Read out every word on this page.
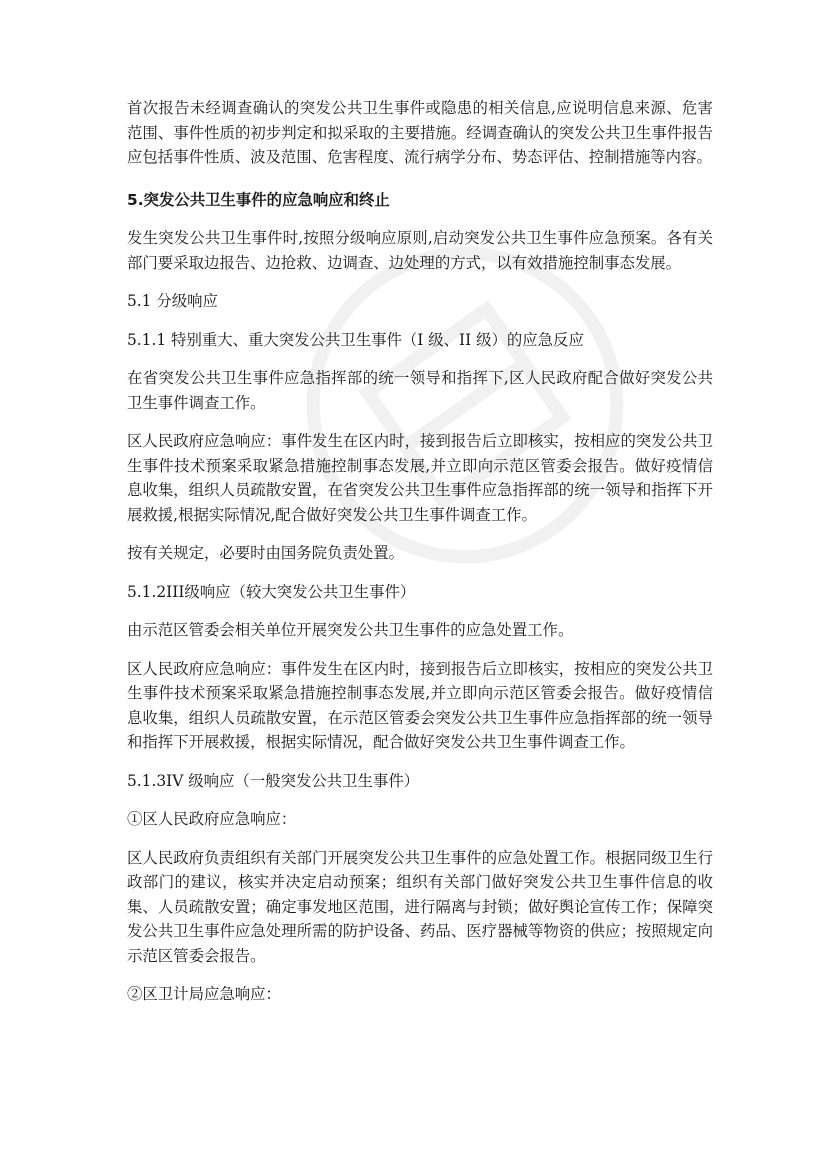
首次报告未经调查确认的突发公共卫生事件或隐患的相关信息,应说明信息来源、危害范围、事件性质的初步判定和拟采取的主要措施。经调查确认的突发公共卫生事件报告应包括事件性质、波及范围、危害程度、流行病学分布、势态评估、控制措施等内容。

5.突发公共卫生事件的应急响应和终止

发生突发公共卫生事件时,按照分级响应原则,启动突发公共卫生事件应急预案。各有关部门要采取边报告、边抢救、边调查、边处理的方式，以有效措施控制事态发展。

5.1 分级响应

5.1.1 特别重大、重大突发公共卫生事件（I 级、II 级）的应急反应

在省突发公共卫生事件应急指挥部的统一领导和指挥下,区人民政府配合做好突发公共卫生事件调查工作。

区人民政府应急响应：事件发生在区内时，接到报告后立即核实，按相应的突发公共卫生事件技术预案采取紧急措施控制事态发展,并立即向示范区管委会报告。做好疫情信息收集，组织人员疏散安置，在省突发公共卫生事件应急指挥部的统一领导和指挥下开展救援,根据实际情况,配合做好突发公共卫生事件调查工作。

按有关规定，必要时由国务院负责处置。

5.1.2III级响应（较大突发公共卫生事件）

由示范区管委会相关单位开展突发公共卫生事件的应急处置工作。

区人民政府应急响应：事件发生在区内时，接到报告后立即核实，按相应的突发公共卫生事件技术预案采取紧急措施控制事态发展,并立即向示范区管委会报告。做好疫情信息收集，组织人员疏散安置，在示范区管委会突发公共卫生事件应急指挥部的统一领导和指挥下开展救援，根据实际情况，配合做好突发公共卫生事件调查工作。

5.1.3IV 级响应（一般突发公共卫生事件）

①区人民政府应急响应：

区人民政府负责组织有关部门开展突发公共卫生事件的应急处置工作。根据同级卫生行政部门的建议，核实并决定启动预案；组织有关部门做好突发公共卫生事件信息的收集、人员疏散安置；确定事发地区范围，进行隔离与封锁；做好舆论宣传工作；保障突发公共卫生事件应急处理所需的防护设备、药品、医疗器械等物资的供应；按照规定向示范区管委会报告。

②区卫计局应急响应：
